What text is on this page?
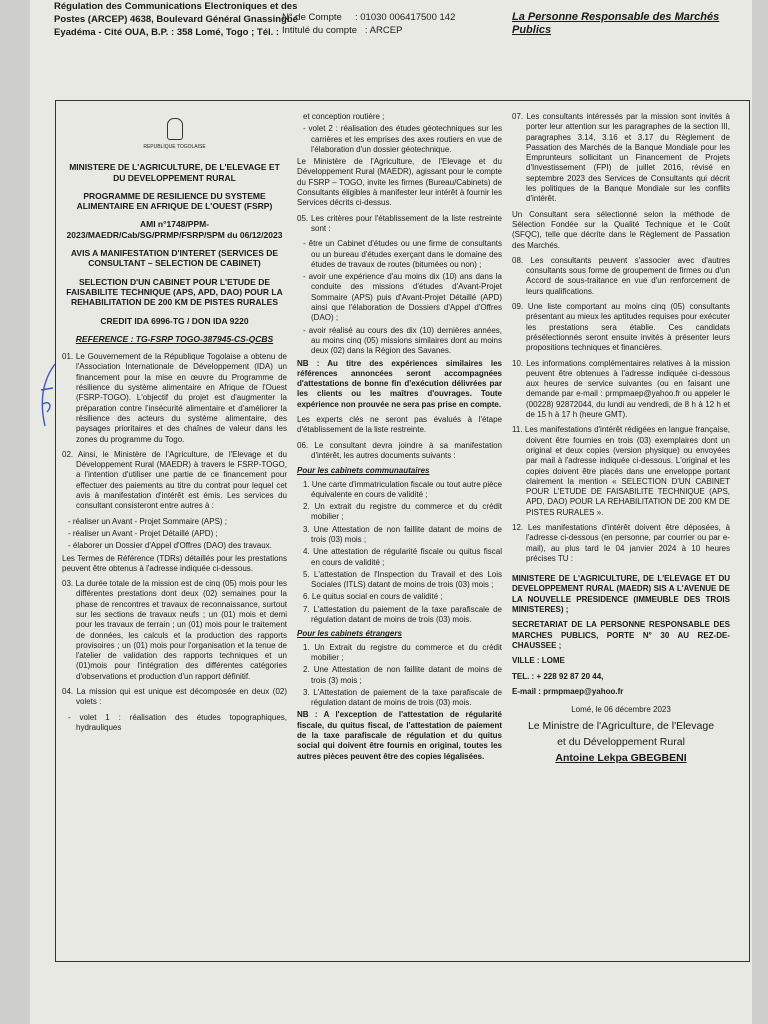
Régulation des Communications Electroniques et des
Postes (ARCEP) 4638, Boulevard Général Gnassingbé
Eyadéma - Cité OUA, B.P. : 358 Lomé, Togo ; Tél. :
N° de Compte : 01030 006417500 142
Intitulé du compte : ARCEP
La Personne Responsable des Marchés Publics
REPUBLIQUE TOGOLAISE

MINISTERE DE L'AGRICULTURE, DE L'ELEVAGE ET DU DEVELOPPEMENT RURAL

PROGRAMME DE RESILIENCE DU SYSTEME ALIMENTAIRE EN AFRIQUE DE L'OUEST (FSRP)

AMI n°1748/PPM-2023/MAEDR/Cab/SG/PRMP/FSRP/SPM du 06/12/2023

AVIS A MANIFESTATION D'INTERET (SERVICES DE CONSULTANT – SELECTION DE CABINET)

SELECTION D'UN CABINET POUR L'ETUDE DE FAISABILITE TECHNIQUE (APS, APD, DAO) POUR LA REHABILITATION DE 200 KM DE PISTES RURALES

CREDIT IDA 6996-TG / DON IDA 9220

REFERENCE : TG-FSRP TOGO-387945-CS-QCBS

01. Le Gouvernement de la République Togolaise a obtenu de l'Association Internationale de Développement (IDA) un financement pour la mise en œuvre du Programme de résilience du système alimentaire en Afrique de l'Ouest (FSRP-TOGO). L'objectif du projet est d'augmenter la préparation contre l'insécurité alimentaire et d'améliorer la résilience des acteurs du système alimentaire, des paysages prioritaires et des chaînes de valeur dans les zones du programme du Togo.

02. Ainsi, le Ministère de l'Agriculture, de l'Elevage et du Développement Rural (MAEDR) à travers le FSRP-TOGO, a l'intention d'utiliser une partie de ce financement pour effectuer des paiements au titre du contrat pour lequel cet avis à manifestation d'intérêt est émis. Les services du consultant consisteront entre autres à :

- réaliser un Avant - Projet Sommaire (APS) ;

- réaliser un Avant - Projet Détaillé (APD) ;

- élaborer un Dossier d'Appel d'Offres (DAO) des travaux.

Les Termes de Référence (TDRs) détaillés pour les prestations peuvent être obtenus à l'adresse indiquée ci-dessous.

03. La durée totale de la mission est de cinq (05) mois pour les différentes prestations dont deux (02) semaines pour la phase de rencontres et travaux de reconnaissance, surtout sur les sections de travaux neufs ; un (01) mois et demi pour les travaux de terrain ; un (01) mois pour le traitement de données, les calculs et la production des rapports provisoires ; un (01) mois pour l'organisation et la tenue de l'atelier de validation des rapports techniques et un (01)mois pour l'intégration des différentes catégories d'observations et production d'un rapport définitif.

04. La mission qui est unique est décomposée en deux (02) volets :

- volet 1 : réalisation des études topographiques, hydrauliques

et conception routière ;

- volet 2 : réalisation des études géotechniques sur les carrières et les emprises des axes routiers en vue de l'élaboration d'un dossier géotechnique.

Le Ministère de l'Agriculture, de l'Elevage et du Développement Rural (MAEDR), agissant pour le compte du FSRP – TOGO, invite les firmes (Bureau/Cabinets) de Consultants éligibles à manifester leur intérêt à fournir les Services décrits ci-dessus.

05. Les critères pour l'établissement de la liste restreinte sont :

- être un Cabinet d'études ou une firme de consultants ou un bureau d'études exerçant dans le domaine des études de travaux de routes (bitumées ou non) ;

- avoir une expérience d'au moins dix (10) ans dans la conduite des missions d'études d'Avant-Projet Sommaire (APS) puis d'Avant-Projet Détaillé (APD) ainsi que l'élaboration de Dossiers d'Appel d'Offres (DAO) ;

- avoir réalisé au cours des dix (10) dernières années, au moins cinq (05) missions similaires dont au moins deux (02) dans la Région des Savanes.

NB : Au titre des expériences similaires les références annoncées seront accompagnées d'attestations de bonne fin d'exécution délivrées par les clients ou les maîtres d'ouvrages. Toute expérience non prouvée ne sera pas prise en compte.

Les experts clés ne seront pas évalués à l'étape d'établissement de la liste restreinte.

06. Le consultant devra joindre à sa manifestation d'intérêt, les autres documents suivants :

Pour les cabinets communautaires

1. Une carte d'immatriculation fiscale ou tout autre pièce équivalente en cours de validité ;

2. Un extrait du registre du commerce et du crédit mobilier ;

3. Une Attestation de non faillite datant de moins de trois (03) mois ;

4. Une attestation de régularité fiscale ou quitus fiscal en cours de validité ;

5. L'attestation de l'Inspection du Travail et des Lois Sociales (ITLS) datant de moins de trois (03) mois ;

6. Le quitus social en cours de validité ;

7. L'attestation du paiement de la taxe parafiscale de régulation datant de moins de trois (03) mois.

Pour les cabinets étrangers

1. Un Extrait du registre du commerce et du crédit mobilier ;

2. Une Attestation de non faillite datant de moins de trois (3) mois ;

3. L'Attestation de paiement de la taxe parafiscale de régulation datant de moins de trois (03) mois.

NB : A l'exception de l'attestation de régularité fiscale, du quitus fiscal, de l'attestation de paiement de la taxe parafiscale de régulation et du quitus social qui doivent être fournis en original, toutes les autres pièces peuvent être des copies légalisées.

07. Les consultants intéressés par la mission sont invités à porter leur attention sur les paragraphes de la section III, paragraphes 3.14, 3.16 et 3.17 du Règlement de Passation des Marchés de la Banque Mondiale pour les Emprunteurs sollicitant un Financement de Projets d'Investissement (FPI) de juillet 2016, révisé en septembre 2023 des Services de Consultants qui décrit les politiques de la Banque Mondiale sur les conflits d'intérêt.

Un Consultant sera sélectionné selon la méthode de Sélection Fondée sur la Qualité Technique et le Coût (SFQC), telle que décrite dans le Règlement de Passation des Marchés.

08. Les consultants peuvent s'associer avec d'autres consultants sous forme de groupement de firmes ou d'un Accord de sous-traitance en vue d'un renforcement de leurs qualifications.

09. Une liste comportant au moins cinq (05) consultants présentant au mieux les aptitudes requises pour exécuter les prestations sera établie. Ces candidats présélectionnés seront ensuite invités à présenter leurs propositions techniques et financières.

10. Les informations complémentaires relatives à la mission peuvent être obtenues à l'adresse indiquée ci-dessous aux heures de service suivantes (ou en faisant une demande par e-mail : prmpmaep@yahoo.fr ou appeler le (00228) 92872044, du lundi au vendredi, de 8 h à 12 h et de 15 h à 17 h (heure GMT).

11. Les manifestations d'intérêt rédigées en langue française, doivent être fournies en trois (03) exemplaires dont un original et deux copies (version physique) ou envoyées par mail à l'adresse indiquée ci-dessous. L'original et les copies doivent être placés dans une enveloppe portant clairement la mention « SELECTION D'UN CABINET POUR L'ETUDE DE FAISABILITE TECHNIQUE (APS, APD, DAO) POUR LA REHABILITATION DE 200 KM DE PISTES RURALES ».

12. Les manifestations d'intérêt doivent être déposées, à l'adresse ci-dessous (en personne, par courrier ou par e-mail), au plus tard le 04 janvier 2024 à 10 heures précises TU :

MINISTERE DE L'AGRICULTURE, DE L'ELEVAGE ET DU DEVELOPPEMENT RURAL (MAEDR) SIS A L'AVENUE DE LA NOUVELLE PRESIDENCE (IMMEUBLE DES TROIS MINISTERES) ;

SECRETARIAT DE LA PERSONNE RESPONSABLE DES MARCHES PUBLICS, PORTE N° 30 AU REZ-DE-CHAUSSEE ;

VILLE : LOME

TEL. : + 228 92 87 20 44,

E-mail : prmpmaep@yahoo.fr

Lomé, le 06 décembre 2023

Le Ministre de l'Agriculture, de l'Elevage

et du Développement Rural

Antoine Lekpa GBEGBENI
